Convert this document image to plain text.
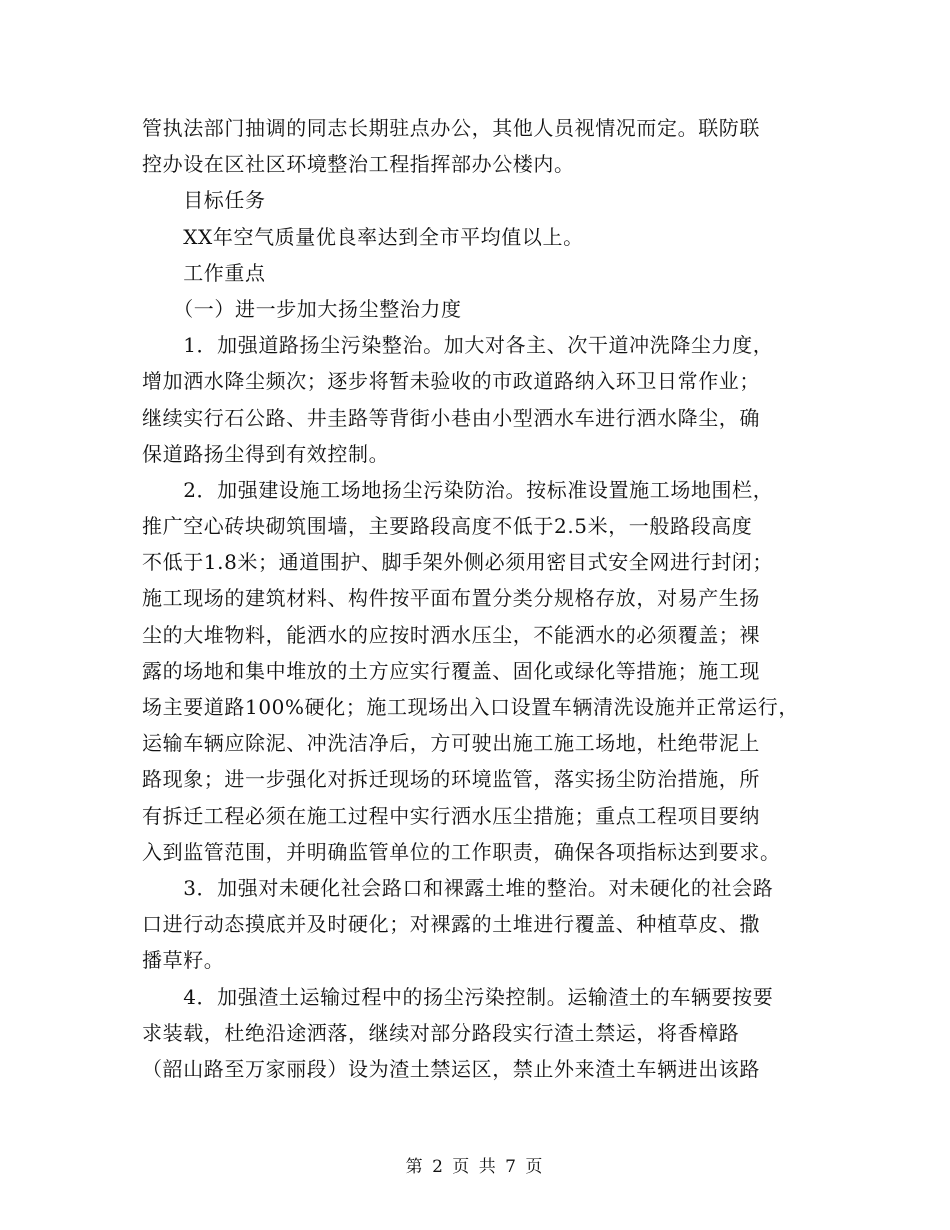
管执法部门抽调的同志长期驻点办公，其他人员视情况而定。联防联
控办设在区社区环境整治工程指挥部办公楼内。
　　目标任务
　　XX年空气质量优良率达到全市平均值以上。
　　工作重点
　　（一）进一步加大扬尘整治力度
　　1．加强道路扬尘污染整治。加大对各主、次干道冲洗降尘力度，
增加洒水降尘频次；逐步将暂未验收的市政道路纳入环卫日常作业；
继续实行石公路、井圭路等背街小巷由小型洒水车进行洒水降尘，确
保道路扬尘得到有效控制。
　　2．加强建设施工场地扬尘污染防治。按标准设置施工场地围栏，
推广空心砖块砌筑围墙，主要路段高度不低于2.5米，一般路段高度
不低于1.8米；通道围护、脚手架外侧必须用密目式安全网进行封闭；
施工现场的建筑材料、构件按平面布置分类分规格存放，对易产生扬
尘的大堆物料，能洒水的应按时洒水压尘，不能洒水的必须覆盖；裸
露的场地和集中堆放的土方应实行覆盖、固化或绿化等措施；施工现
场主要道路100%硬化；施工现场出入口设置车辆清洗设施并正常运行，
运输车辆应除泥、冲洗洁净后，方可驶出施工施工场地，杜绝带泥上
路现象；进一步强化对拆迁现场的环境监管，落实扬尘防治措施，所
有拆迁工程必须在施工过程中实行洒水压尘措施；重点工程项目要纳
入到监管范围，并明确监管单位的工作职责，确保各项指标达到要求。
　　3．加强对未硬化社会路口和裸露土堆的整治。对未硬化的社会路
口进行动态摸底并及时硬化；对裸露的土堆进行覆盖、种植草皮、撒
播草籽。
　　4．加强渣土运输过程中的扬尘污染控制。运输渣土的车辆要按要
求装载，杜绝沿途洒落，继续对部分路段实行渣土禁运，将香樟路
（韶山路至万家丽段）设为渣土禁运区，禁止外来渣土车辆进出该路
第 2 页 共 7 页
